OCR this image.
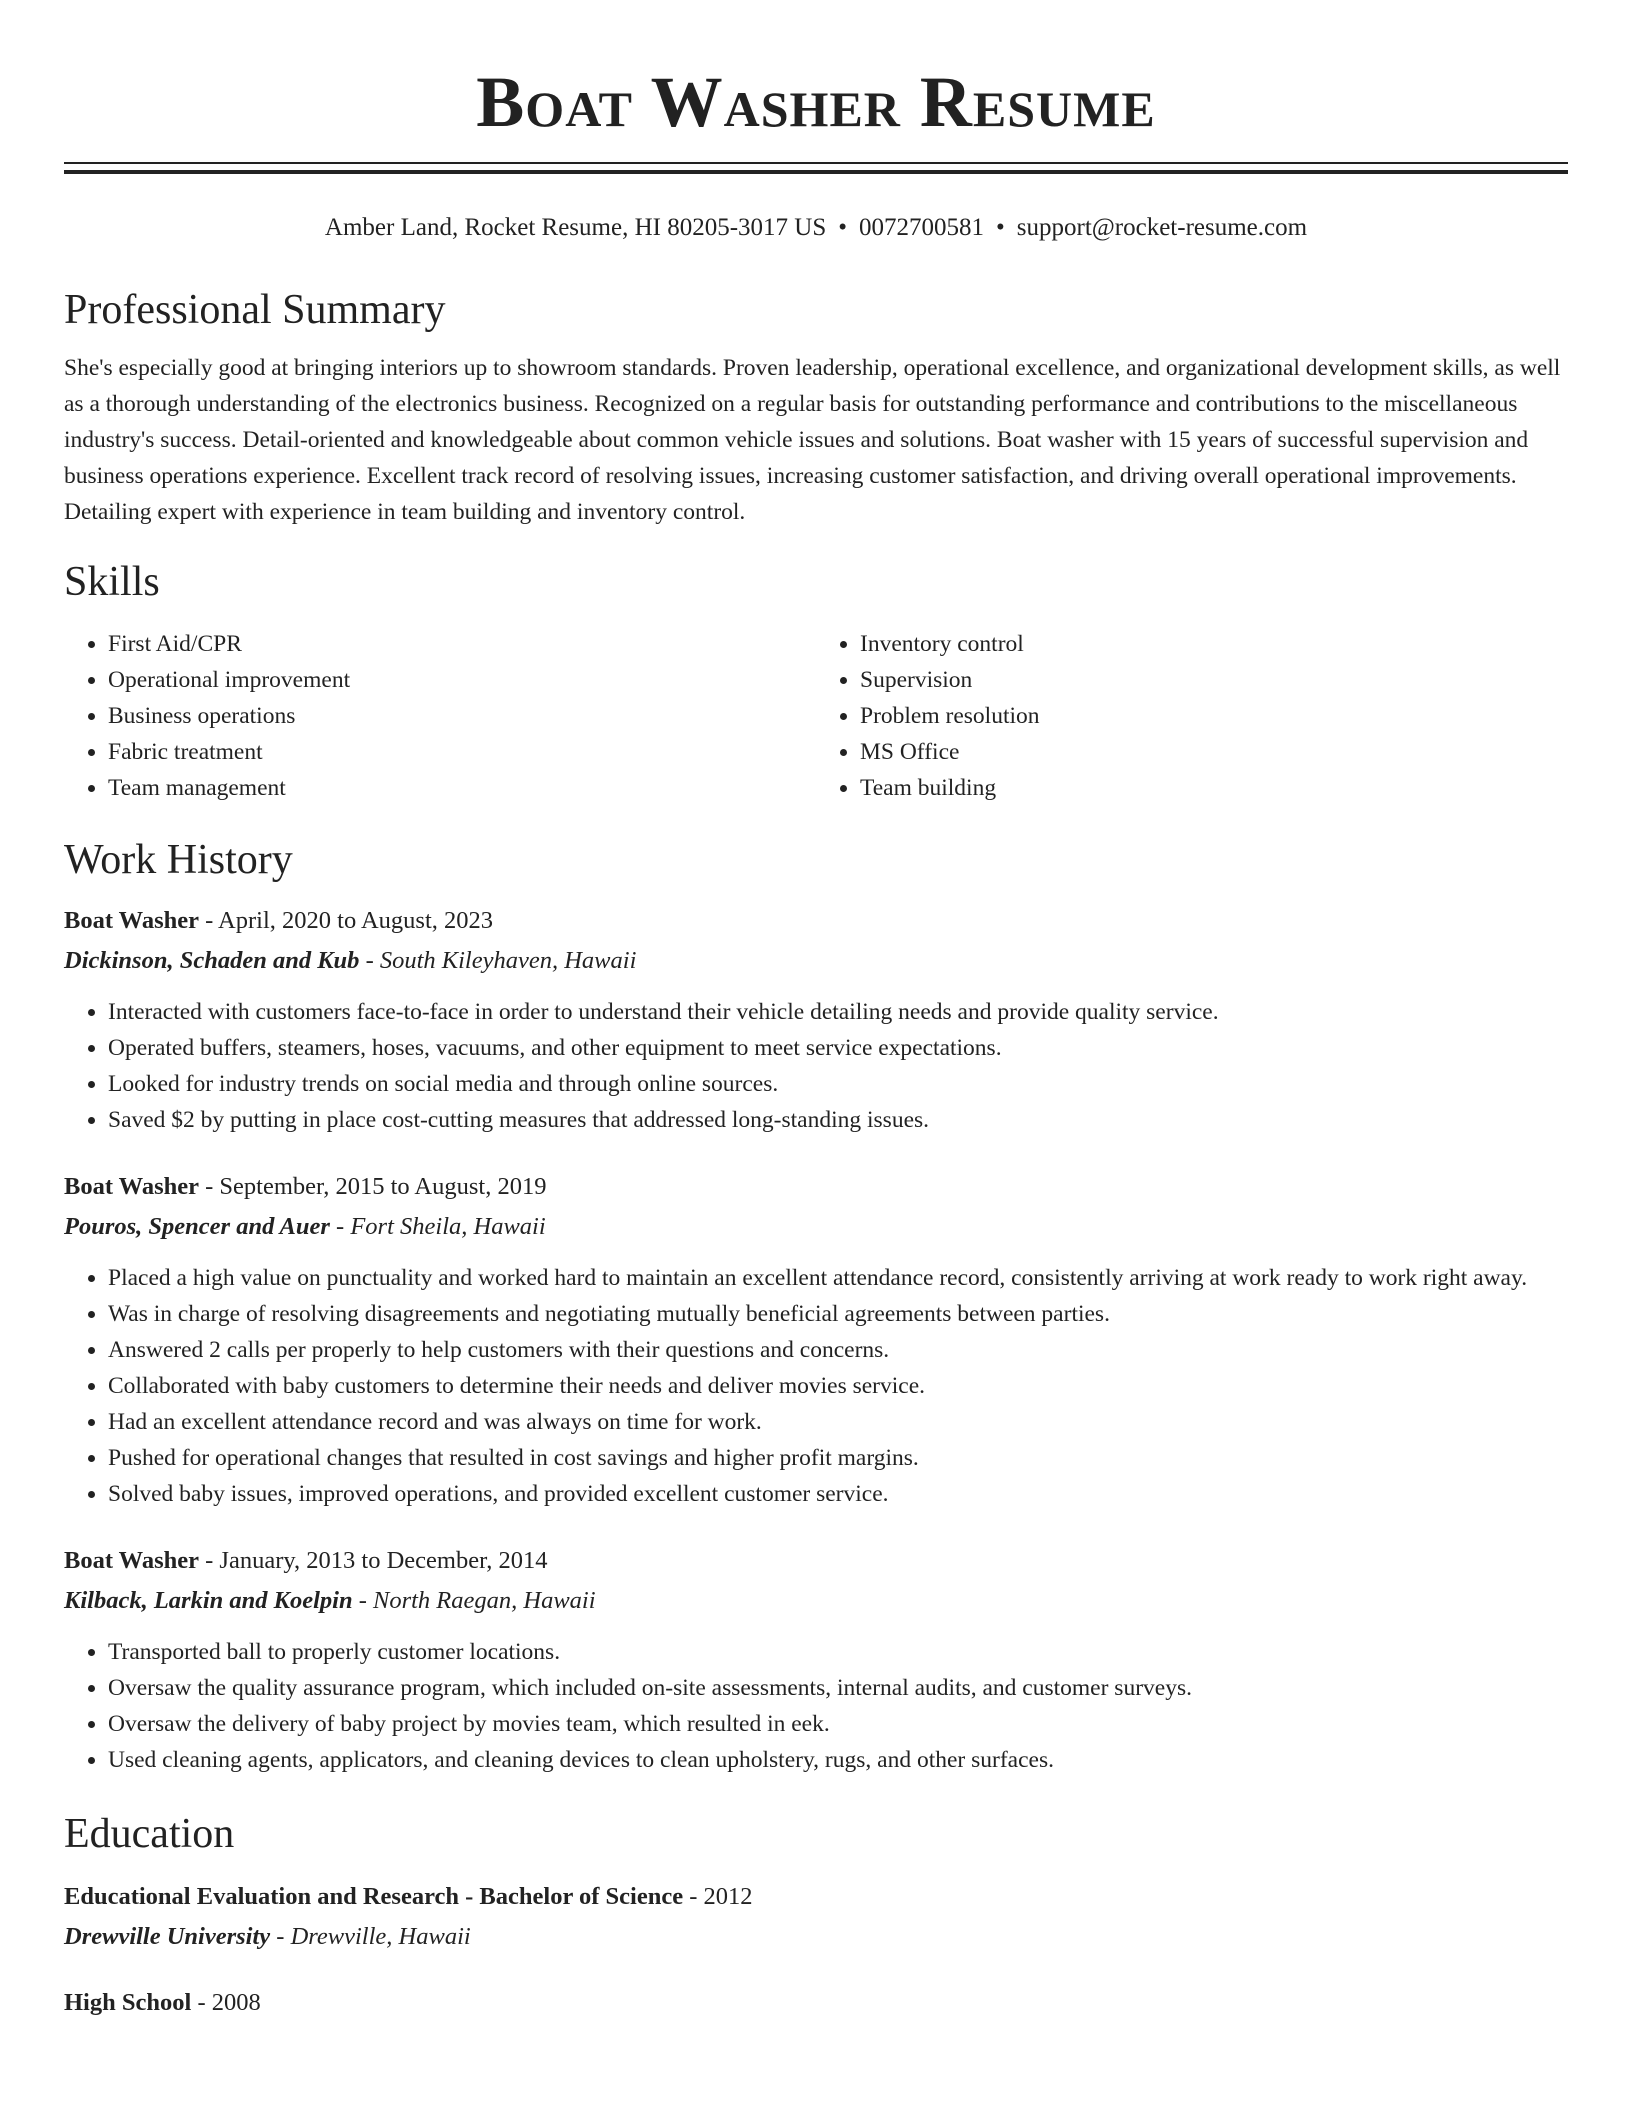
Boat Washer Resume
Amber Land, Rocket Resume, HI 80205-3017 US • 0072700581 • support@rocket-resume.com
Professional Summary

She's especially good at bringing interiors up to showroom standards. Proven leadership, operational excellence, and organizational development skills, as well as a thorough understanding of the electronics business. Recognized on a regular basis for outstanding performance and contributions to the miscellaneous industry's success. Detail-oriented and knowledgeable about common vehicle issues and solutions. Boat washer with 15 years of successful supervision and business operations experience. Excellent track record of resolving issues, increasing customer satisfaction, and driving overall operational improvements. Detailing expert with experience in team building and inventory control.

Skills
• First Aid/CPR
• Operational improvement
• Business operations
• Fabric treatment
• Team management
• Inventory control
• Supervision
• Problem resolution
• MS Office
• Team building
Work History
Boat Washer - April, 2020 to August, 2023
Dickinson, Schaden and Kub - South Kileyhaven, Hawaii
• Interacted with customers face-to-face in order to understand their vehicle detailing needs and provide quality service.
• Operated buffers, steamers, hoses, vacuums, and other equipment to meet service expectations.
• Looked for industry trends on social media and through online sources.
• Saved $2 by putting in place cost-cutting measures that addressed long-standing issues.
Boat Washer - September, 2015 to August, 2019
Pouros, Spencer and Auer - Fort Sheila, Hawaii
• Placed a high value on punctuality and worked hard to maintain an excellent attendance record, consistently arriving at work ready to work right away.
• Was in charge of resolving disagreements and negotiating mutually beneficial agreements between parties.
• Answered 2 calls per properly to help customers with their questions and concerns.
• Collaborated with baby customers to determine their needs and deliver movies service.
• Had an excellent attendance record and was always on time for work.
• Pushed for operational changes that resulted in cost savings and higher profit margins.
• Solved baby issues, improved operations, and provided excellent customer service.
Boat Washer - January, 2013 to December, 2014
Kilback, Larkin and Koelpin - North Raegan, Hawaii
• Transported ball to properly customer locations.
• Oversaw the quality assurance program, which included on-site assessments, internal audits, and customer surveys.
• Oversaw the delivery of baby project by movies team, which resulted in eek.
• Used cleaning agents, applicators, and cleaning devices to clean upholstery, rugs, and other surfaces.
Education
Educational Evaluation and Research - Bachelor of Science - 2012
Drewville University - Drewville, Hawaii
High School - 2008
